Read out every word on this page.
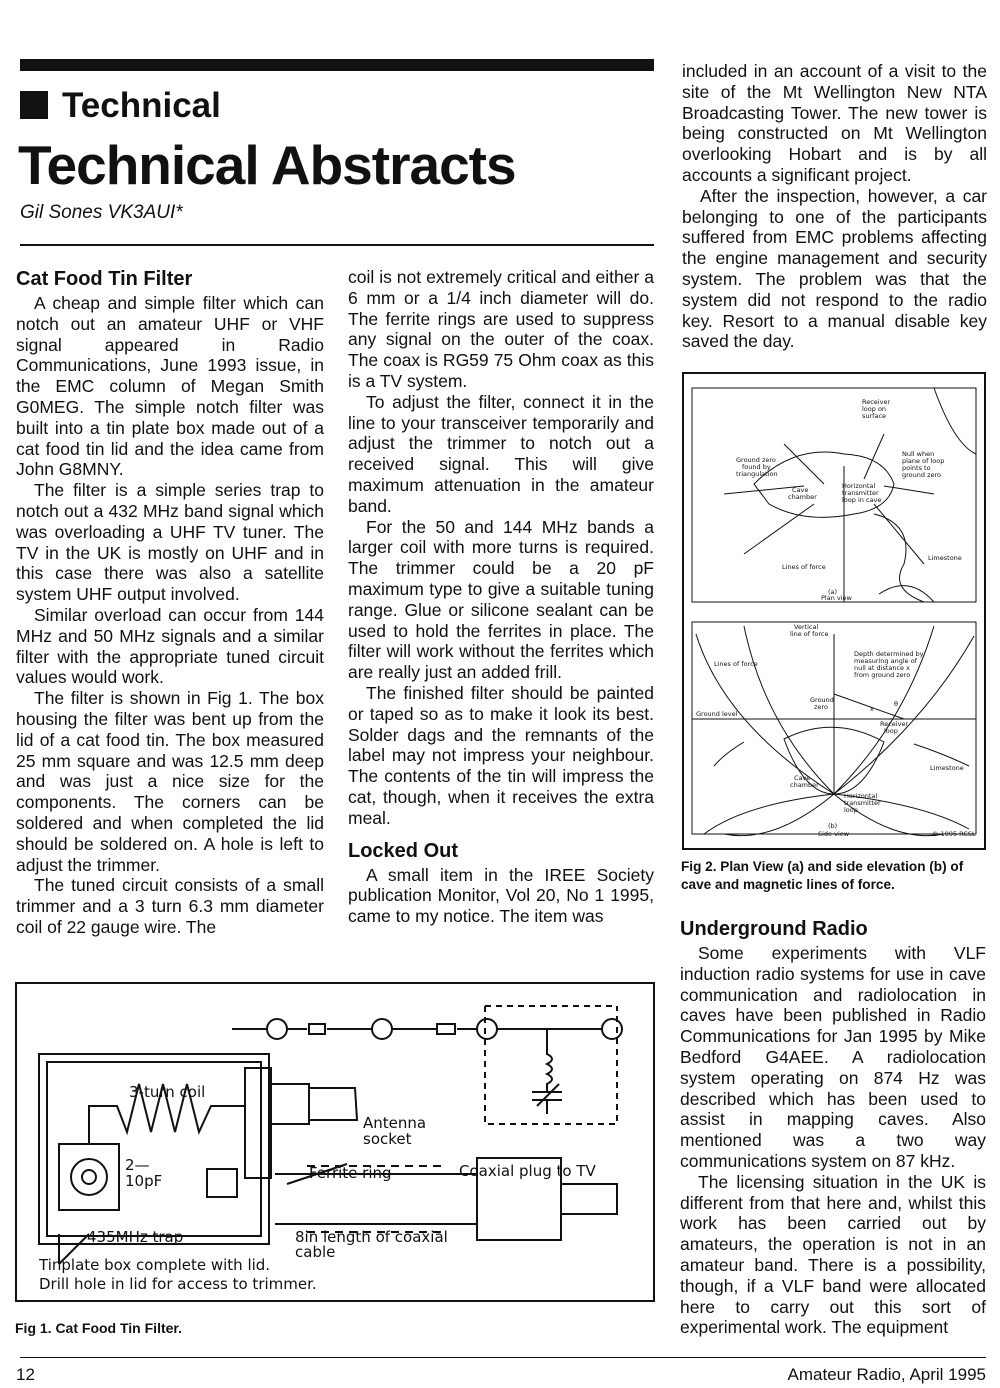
Technical
Technical Abstracts
Gil Sones VK3AUI*
Cat Food Tin Filter

A cheap and simple filter which can notch out an amateur UHF or VHF signal appeared in Radio Communications, June 1993 issue, in the EMC column of Megan Smith G0MEG. The simple notch filter was built into a tin plate box made out of a cat food tin lid and the idea came from John G8MNY.

The filter is a simple series trap to notch out a 432 MHz band signal which was overloading a UHF TV tuner. The TV in the UK is mostly on UHF and in this case there was also a satellite system UHF output involved.

Similar overload can occur from 144 MHz and 50 MHz signals and a similar filter with the appropriate tuned circuit values would work.

The filter is shown in Fig 1. The box housing the filter was bent up from the lid of a cat food tin. The box measured 25 mm square and was 12.5 mm deep and was just a nice size for the components. The corners can be soldered and when completed the lid should be soldered on. A hole is left to adjust the trimmer.

The tuned circuit consists of a small trimmer and a 3 turn 6.3 mm diameter coil of 22 gauge wire. The

coil is not extremely critical and either a 6 mm or a 1/4 inch diameter will do. The ferrite rings are used to suppress any signal on the outer of the coax. The coax is RG59 75 Ohm coax as this is a TV system.

To adjust the filter, connect it in the line to your transceiver temporarily and adjust the trimmer to notch out a received signal. This will give maximum attenuation in the amateur band.

For the 50 and 144 MHz bands a larger coil with more turns is required. The trimmer could be a 20 pF maximum type to give a suitable tuning range. Glue or silicone sealant can be used to hold the ferrites in place. The filter will work without the ferrites which are really just an added frill.

The finished filter should be painted or taped so as to make it look its best. Solder dags and the remnants of the label may not impress your neighbour. The contents of the tin will impress the cat, though, when it receives the extra meal.

Locked Out

A small item in the IREE Society publication Monitor, Vol 20, No 1 1995, came to my notice. The item was

included in an account of a visit to the site of the Mt Wellington New NTA Broadcasting Tower. The new tower is being constructed on Mt Wellington overlooking Hobart and is by all accounts a significant project.

After the inspection, however, a car belonging to one of the participants suffered from EMC problems affecting the engine management and security system. The problem was that the system did not respond to the radio key. Resort to a manual disable key saved the day.

Receiver
loop on
surface
Ground zero
found by
triangulation
Null when
plane of loop
points to
ground zero
Horizontal
transmitter
loop in cave
Cave
chamber
Limestone
Lines of force
(a)
Plan view
Vertical
line of force
Lines of force
Depth determined by
measuring angle of
null at distance x
from ground zero
Ground
zero	x
θ
Ground level
Receiver
loop
Limestone
Cave
chamber
Horizontal
transmitter
loop
(b)
Side view	© 1995 RCSL
Fig 2. Plan View (a) and side elevation (b) of cave and magnetic lines of force.
Underground Radio

Some experiments with VLF induction radio systems for use in cave communication and radiolocation in caves have been published in Radio Communications for Jan 1995 by Mike Bedford G4AEE. A radiolocation system operating on 874 Hz was described which has been used to assist in mapping caves. Also mentioned was a two way communications system on 87 kHz.

The licensing situation in the UK is different from that here and, whilst this work has been carried out by amateurs, the operation is not in an amateur band. There is a possibility, though, if a VLF band were allocated here to carry out this sort of experimental work. The equipment

3-turn coil
2—
10pF
435MHz trap
Antenna
socket
Ferrite ring	Coaxial plug to TV
8in length of coaxial
cable
Tinplate box complete with lid.
Drill hole in lid for access to trimmer.
Fig 1. Cat Food Tin Filter.
12	Amateur Radio, April 1995
